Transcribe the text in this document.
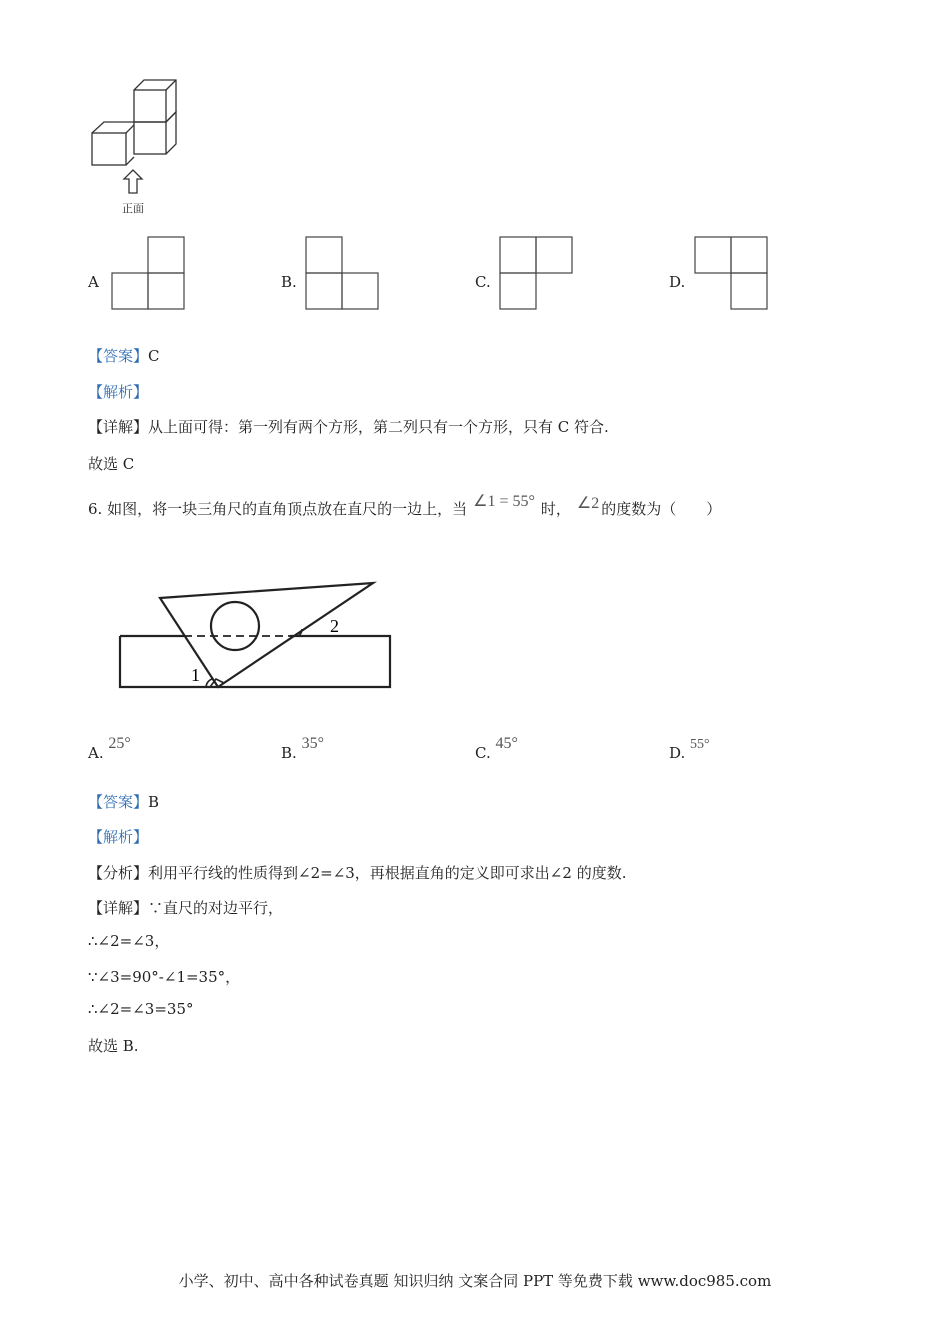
正面
A	B.	C.	D.
【答案】C
【解析】
【详解】从上面可得：第一列有两个方形，第二列只有一个方形，只有 C 符合.
故选 C
6. 如图，将一块三角尺的直角顶点放在直尺的一边上，当 ∠1 = 55° 时， ∠2 的度数为（　　）
1
2
A. 25°
B. 35°
C. 45°
D. 55°
【答案】B
【解析】
【分析】利用平行线的性质得到∠2=∠3，再根据直角的定义即可求出∠2 的度数.
【详解】∵直尺的对边平行，
∴∠2=∠3，
∵∠3=90°-∠1=35°，
∴∠2=∠3=35°
故选 B.
小学、初中、高中各种试卷真题 知识归纳 文案合同 PPT 等免费下载 www.doc985.com
